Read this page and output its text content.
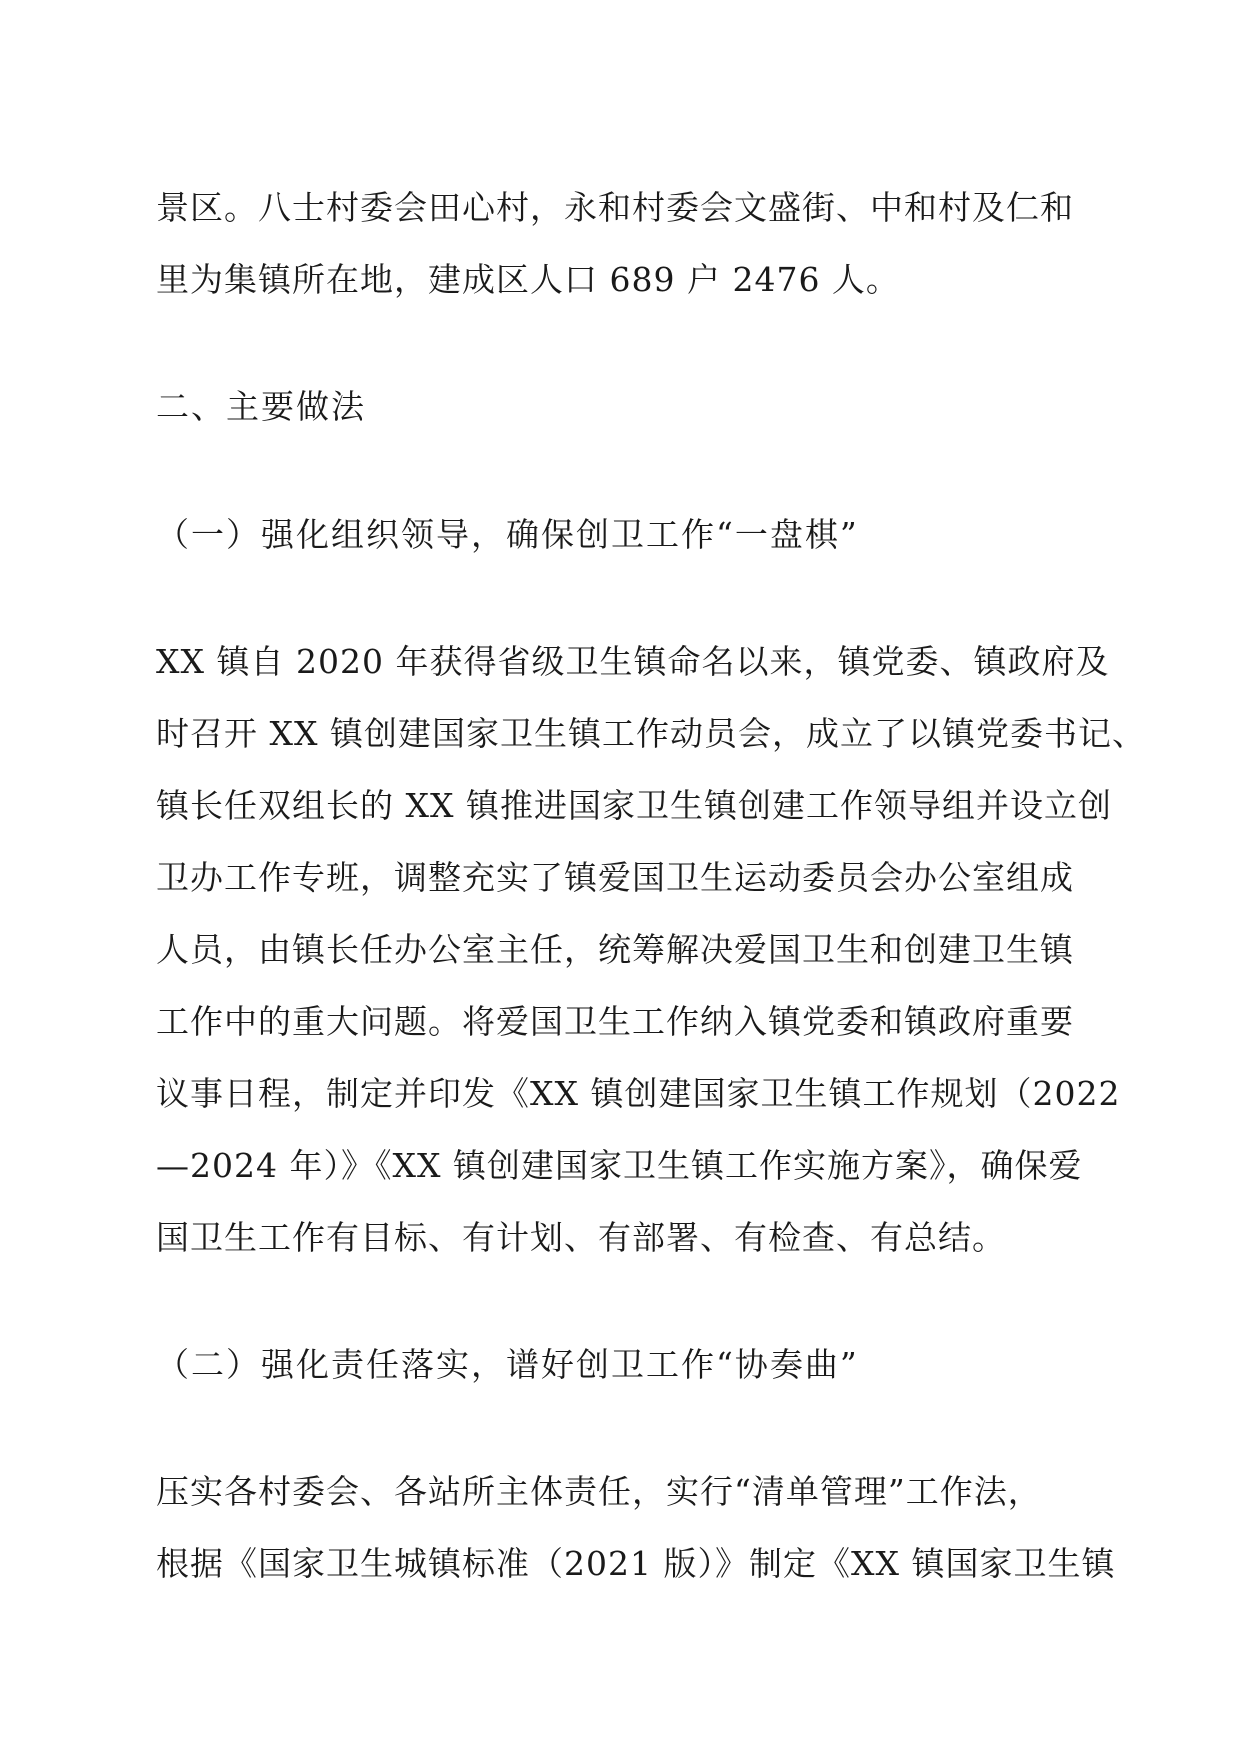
景区。八士村委会田心村，永和村委会文盛街、中和村及仁和

里为集镇所在地，建成区人口 689 户 2476 人。

二、主要做法

（一）强化组织领导，确保创卫工作“一盘棋”

XX 镇自 2020 年获得省级卫生镇命名以来，镇党委、镇政府及

时召开 XX 镇创建国家卫生镇工作动员会，成立了以镇党委书记、

镇长任双组长的 XX 镇推进国家卫生镇创建工作领导组并设立创

卫办工作专班，调整充实了镇爱国卫生运动委员会办公室组成

人员，由镇长任办公室主任，统筹解决爱国卫生和创建卫生镇

工作中的重大问题。将爱国卫生工作纳入镇党委和镇政府重要

议事日程，制定并印发《XX 镇创建国家卫生镇工作规划（2022

—2024 年）》《XX 镇创建国家卫生镇工作实施方案》，确保爱

国卫生工作有目标、有计划、有部署、有检查、有总结。

（二）强化责任落实，谱好创卫工作“协奏曲”

压实各村委会、各站所主体责任，实行“清单管理”工作法，

根据《国家卫生城镇标准（2021 版）》制定《XX 镇国家卫生镇
